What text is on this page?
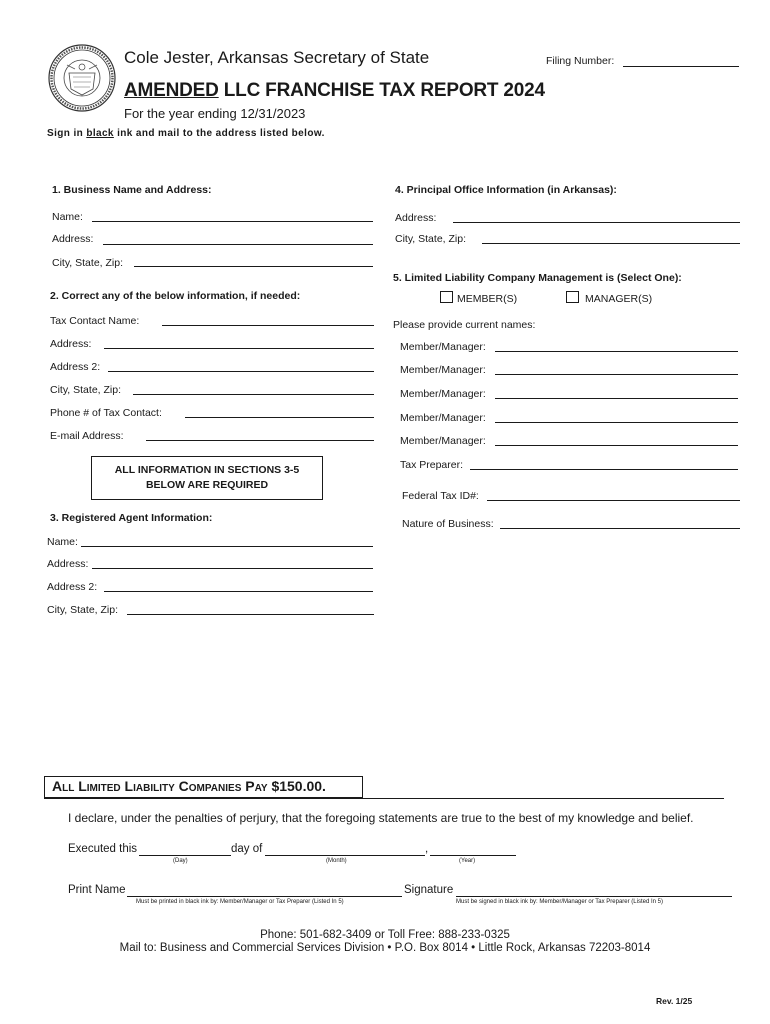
Cole Jester, Arkansas Secretary of State	Filing Number:
AMENDED LLC FRANCHISE TAX REPORT 2024
For the year ending 12/31/2023
Sign in black ink and mail to the address listed below.
1. Business Name and Address:
Name:
Address:
City, State, Zip:
2. Correct any of the below information, if needed:
Tax Contact Name:
Address:
Address 2:
City, State, Zip:
Phone # of Tax Contact:
E-mail Address:
ALL INFORMATION IN SECTIONS 3-5
BELOW ARE REQUIRED
3. Registered Agent Information:
Name:
Address:
Address 2:
City, State, Zip:
4. Principal Office Information (in Arkansas):
Address:
City, State, Zip:
5. Limited Liability Company Management is (Select One):
MEMBER(S)	MANAGER(S)
Please provide current names:
Member/Manager:
Member/Manager:
Member/Manager:
Member/Manager:
Member/Manager:
Tax Preparer:
Federal Tax ID#:
Nature of Business:
All Limited Liability Companies Pay $150.00.
I declare, under the penalties of perjury, that the foregoing statements are true to the best of my knowledge and belief.
Executed this	day of	,
(Day)	(Month)	(Year)
Print Name	Signature
Must be printed in black ink by: Member/Manager or Tax Preparer (Listed In 5)	Must be signed in black ink by: Member/Manager or Tax Preparer (Listed In 5)
Phone: 501-682-3409 or Toll Free: 888-233-0325
Mail to: Business and Commercial Services Division • P.O. Box 8014 • Little Rock, Arkansas 72203-8014
Rev. 1/25
